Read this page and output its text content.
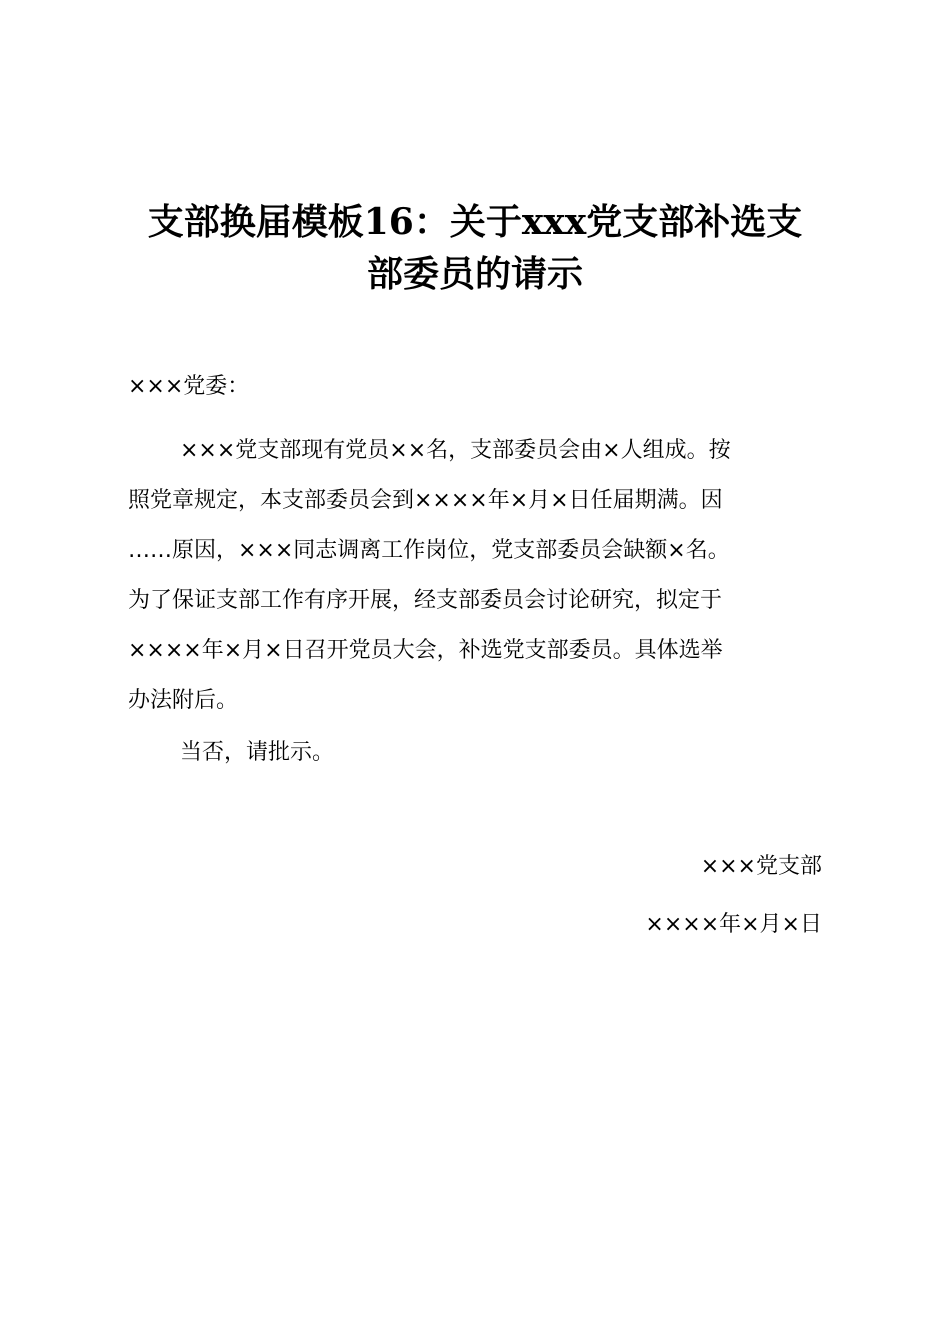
支部换届模板16：关于xxx党支部补选支
部委员的请示
×××党委：
×××党支部现有党员××名，支部委员会由×人组成。按
照党章规定，本支部委员会到××××年×月×日任届期满。因
……原因，×××同志调离工作岗位，党支部委员会缺额×名。
为了保证支部工作有序开展，经支部委员会讨论研究，拟定于
××××年×月×日召开党员大会，补选党支部委员。具体选举
办法附后。
当否，请批示。
×××党支部
××××年×月×日
